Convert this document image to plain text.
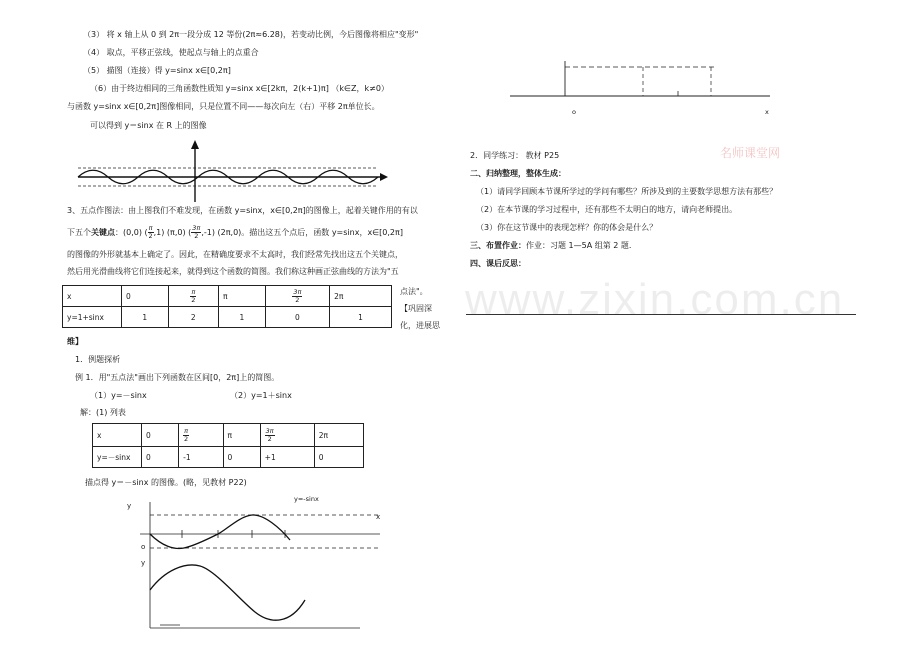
（3） 将 x 轴上从 0 到 2π一段分成 12 等份(2π≈6.28)，若变动比例，今后图像将相应"变形"
（4） 取点，平移正弦线，使起点与轴上的点重合
（5） 描图（连接）得 y=sinx x∈[0,2π]
（6）由于终边相同的三角函数性质知 y=sinx x∈[2kπ，2(k+1)π] （k∈Z，k≠0）
与函数 y=sinx x∈[0,2π]图像相同，只是位置不同——每次向左（右）平移 2π单位长。
可以得到 y＝sinx 在 R 上的图像
3、五点作图法：由上图我们不难发现，在函数 y=sinx，x∈[0,2π]的图像上，起着关键作用的有以
下五个关键点：(0,0) ( $\frac{\pi}{2} ,1$) (π,0) ( $\frac{3\pi}{2} ,-1$) (2π,0)。描出这五个点后，函数 y=sinx，x∈[0,2π]
的图像的外形就基本上确定了。因此，在精确度要求不太高时，我们经常先找出这五个关键点，
然后用光滑曲线将它们连接起来，就得到这个函数的简图。我们称这种画正弦曲线的方法为"五
x	0	$\frac{\pi}{2}$	π	$\frac{3\pi}{2}$	2π
y=1+sinx	1	2	1	0	1
点法"。
【巩固深
化，进展思
维】
1．例题探析
例 1．用"五点法"画出下列函数在区间[0，2π]上的简图。
（1）y=－sinx	（2）y=1＋sinx
解：(1) 列表
x	0	$\frac{\pi}{2}$	π	$\frac{3\pi}{2}$	2π
y=－sinx	0	-1	0	+1	0
描点得 y＝－sinx 的图像。(略，见教材 P22)
y=-sinx
y
x
o
y
o	x
2．同学练习： 教材 P25
二、归纳整理，整体生成：
（1）请同学回顾本节课所学过的学问有哪些？所涉及到的主要数学思想方法有那些？
（2）在本节课的学习过程中，还有那些不太明白的地方，请向老师提出。
（3）你在这节课中的表现怎样？你的体会是什么？
三、布置作业：作业：习题 1—5A 组第 2 题.
四、课后反思：
www.zixin.com.cn
名师课堂网
